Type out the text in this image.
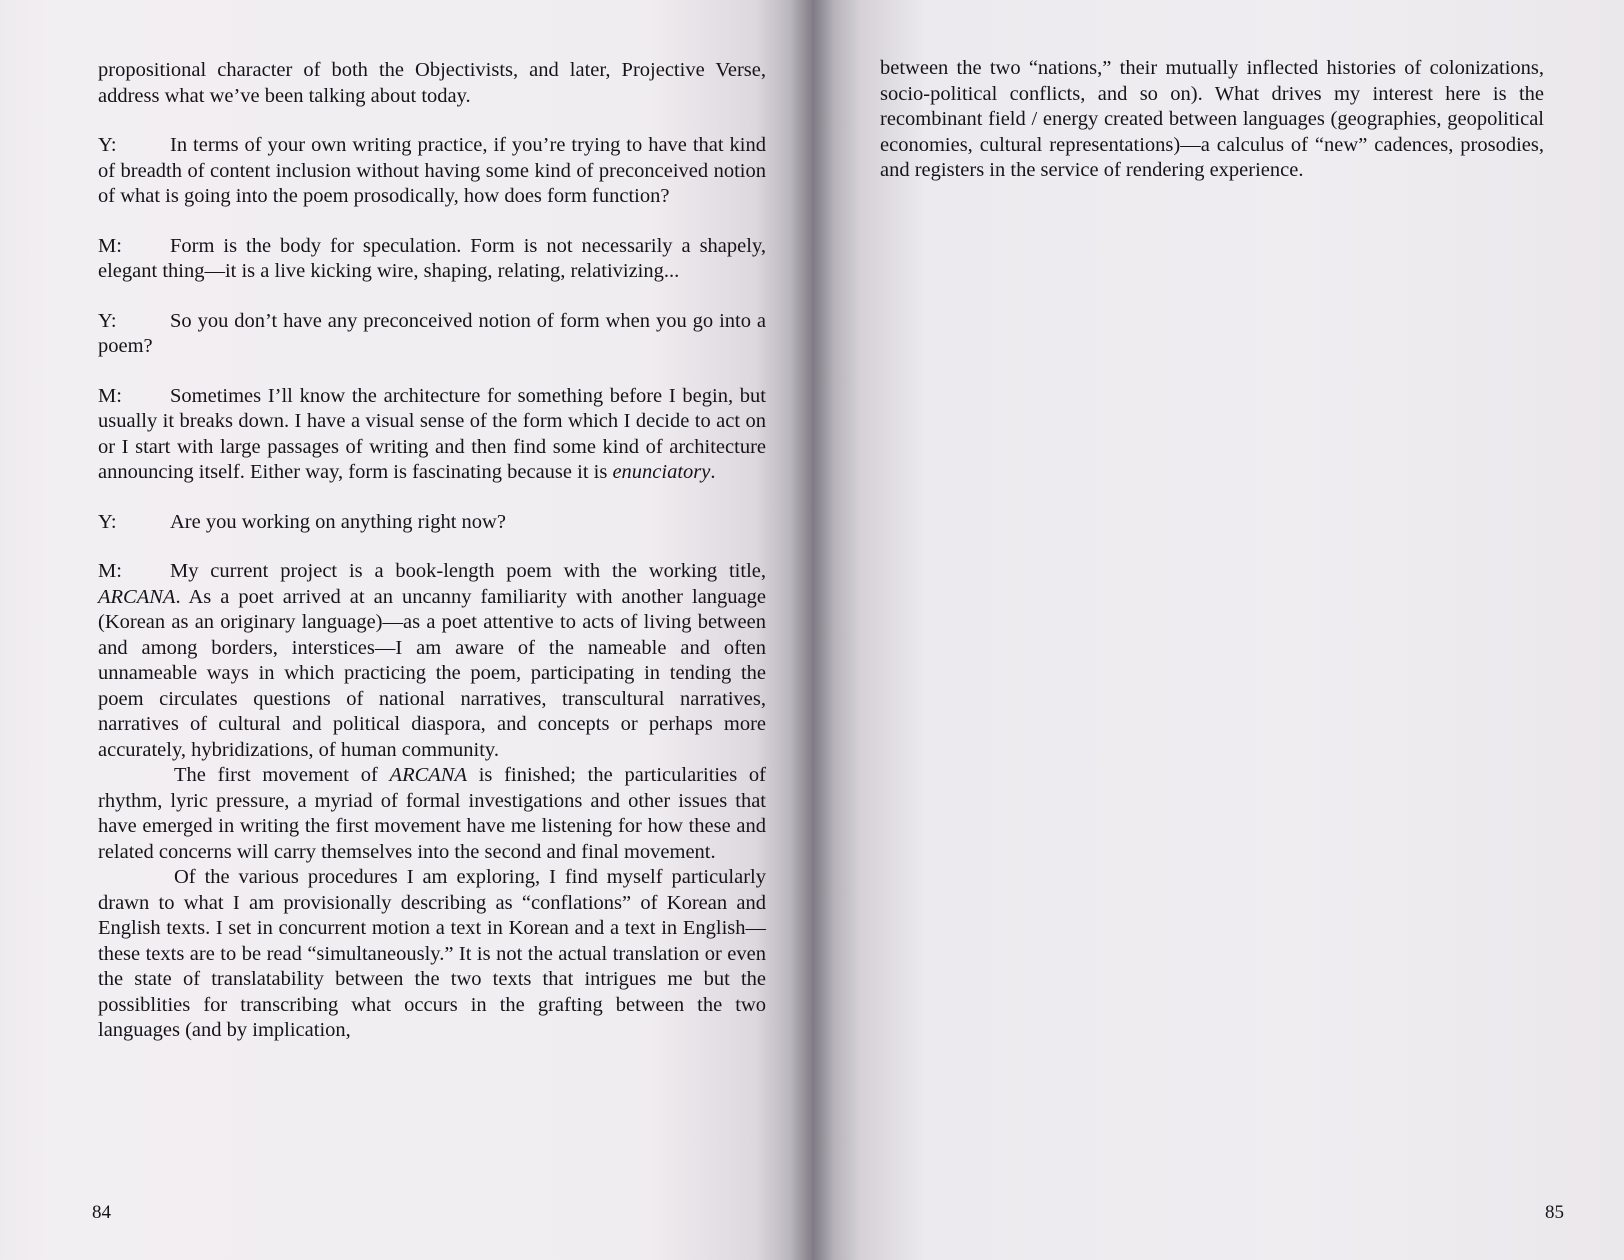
propositional character of both the Objectivists, and later, Projective Verse, address what we’ve been talking about today.

Y:	In terms of your own writing practice, if you’re trying to have that kind of breadth of content inclusion without having some kind of preconceived notion of what is going into the poem prosodically, how does form function?

M: Form is the body for speculation. Form is not necessarily a shapely, elegant thing—it is a live kicking wire, shaping, relating, relativizing...

Y:	So you don’t have any preconceived notion of form when you go into a poem?

M: Sometimes I’ll know the architecture for something before I begin, but usually it breaks down. I have a visual sense of the form which I decide to act on or I start with large passages of writing and then find some kind of architecture announcing itself. Either way, form is fascinating because it is enunciatory.

Y:	Are you working on anything right now?

M: My current project is a book-length poem with the working title, ARCANA. As a poet arrived at an uncanny familiarity with another language (Korean as an originary language)—as a poet attentive to acts of living between and among borders, interstices—I am aware of the nameable and often unnameable ways in which practicing the poem, participating in tending the poem circulates questions of national narratives, transcultural narratives, narratives of cultural and political diaspora, and concepts or perhaps more accurately, hybridizations, of human community.

The first movement of ARCANA is finished; the particularities of rhythm, lyric pressure, a myriad of formal investigations and other issues that have emerged in writing the first movement have me listening for how these and related concerns will carry themselves into the second and final movement.

Of the various procedures I am exploring, I find myself particularly drawn to what I am provisionally describing as “conflations” of Korean and English texts. I set in concurrent motion a text in Korean and a text in English—these texts are to be read “simultaneously.” It is not the actual translation or even the state of translatability between the two texts that intrigues me but the possiblities for transcribing what occurs in the grafting between the two languages (and by implication,

84

between the two “nations,” their mutually inflected histories of colonizations, socio-political conflicts, and so on). What drives my interest here is the recombinant field / energy created between languages (geographies, geopolitical economies, cultural representations)—a calculus of “new” cadences, prosodies, and registers in the service of rendering experience.

85
